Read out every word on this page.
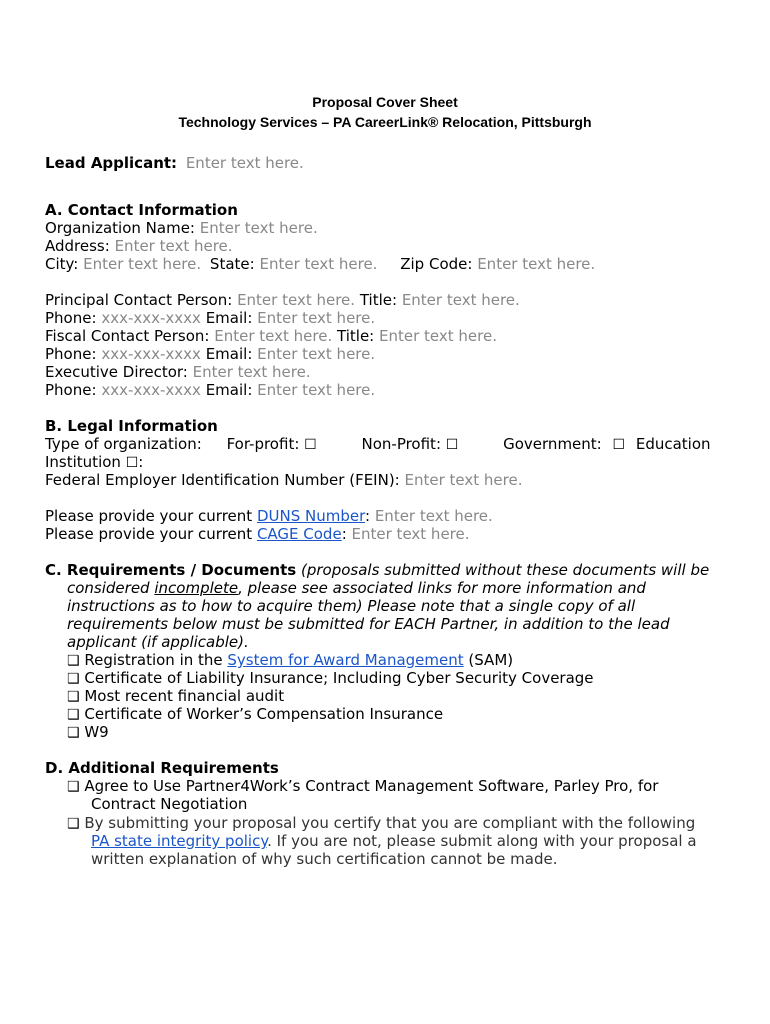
Proposal Cover Sheet
Technology Services – PA CareerLink® Relocation, Pittsburgh
Lead Applicant: Enter text here.
A. Contact Information
Organization Name: Enter text here.
Address: Enter text here.
City: Enter text here. State: Enter text here. Zip Code: Enter text here.
Principal Contact Person: Enter text here. Title: Enter text here.
Phone: xxx-xxx-xxxx Email: Enter text here.
Fiscal Contact Person: Enter text here. Title: Enter text here.
Phone: xxx-xxx-xxxx Email: Enter text here.
Executive Director: Enter text here.
Phone: xxx-xxx-xxxx Email: Enter text here.
B. Legal Information
Type of organization: For-profit: ☐	Non-Profit: ☐	Government: ☐ Education
Institution ☐:
Federal Employer Identification Number (FEIN): Enter text here.
Please provide your current DUNS Number: Enter text here.
Please provide your current CAGE Code: Enter text here.
C. Requirements / Documents (proposals submitted without these documents will be
considered incomplete, please see associated links for more information and
instructions as to how to acquire them) Please note that a single copy of all
requirements below must be submitted for EACH Partner, in addition to the lead
applicant (if applicable).
❑ Registration in the System for Award Management (SAM)
❑ Certificate of Liability Insurance; Including Cyber Security Coverage
❑ Most recent financial audit
❑ Certificate of Worker’s Compensation Insurance
❑ W9
D. Additional Requirements
❑ Agree to Use Partner4Work’s Contract Management Software, Parley Pro, for
Contract Negotiation
❑ By submitting your proposal you certify that you are compliant with the following
PA state integrity policy. If you are not, please submit along with your proposal a
written explanation of why such certification cannot be made.
